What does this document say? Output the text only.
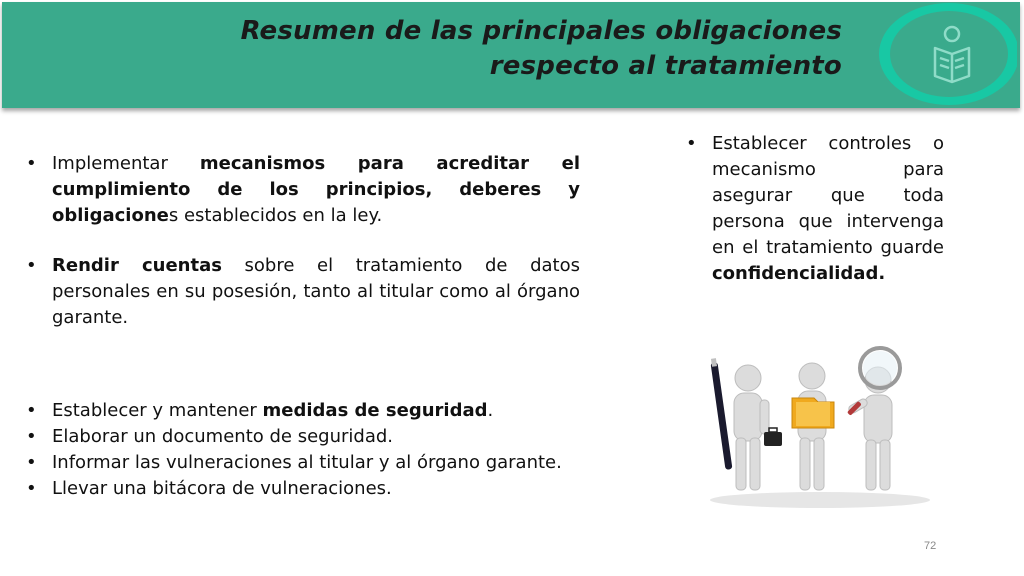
Resumen de las principales obligaciones
respecto al tratamiento
• Implementar mecanismos para acreditar el cumplimiento de los principios, deberes y obligaciones establecidos en la ley.
• Rendir cuentas sobre el tratamiento de datos personales en su posesión, tanto al titular como al órgano garante.
• Establecer y mantener medidas de seguridad.
• Elaborar un documento de seguridad.
• Informar las vulneraciones al titular y al órgano garante.
• Llevar una bitácora de vulneraciones.
• Establecer controles o mecanismo para asegurar que toda persona que intervenga en el tratamiento guarde confidencialidad.
72
